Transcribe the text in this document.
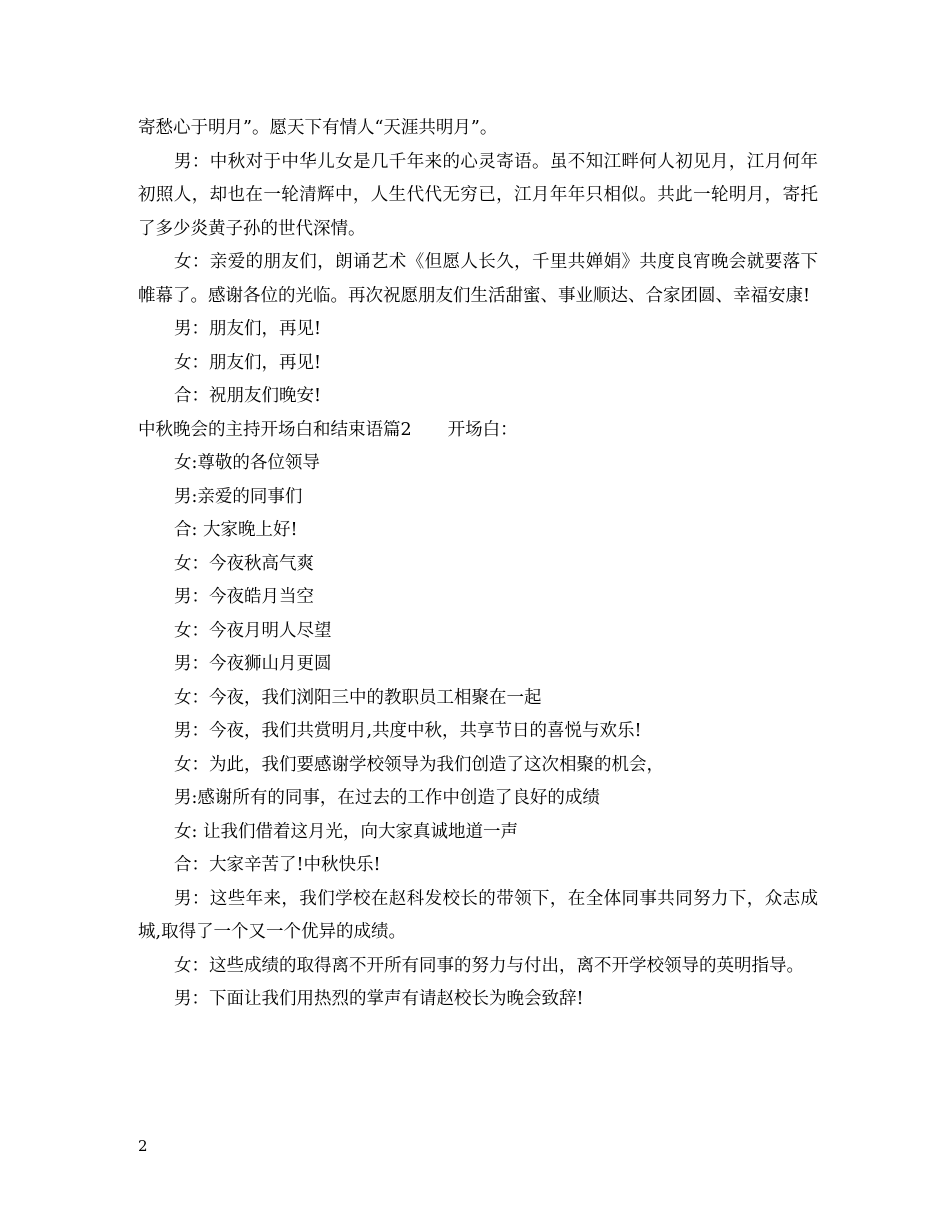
寄愁心于明月”。愿天下有情人“天涯共明月”。

男：中秋对于中华儿女是几千年来的心灵寄语。虽不知江畔何人初见月，江月何年初照人，却也在一轮清辉中，人生代代无穷已，江月年年只相似。共此一轮明月，寄托了多少炎黄子孙的世代深情。

女：亲爱的朋友们，朗诵艺术《但愿人长久，千里共婵娟》共度良宵晚会就要落下帷幕了。感谢各位的光临。再次祝愿朋友们生活甜蜜、事业顺达、合家团圆、幸福安康!

男：朋友们，再见!

女：朋友们，再见!

合：祝朋友们晚安!

中秋晚会的主持开场白和结束语篇2 开场白：

女:尊敬的各位领导

男:亲爱的同事们

合: 大家晚上好!

女：今夜秋高气爽

男：今夜皓月当空

女：今夜月明人尽望

男：今夜狮山月更圆

女：今夜，我们浏阳三中的教职员工相聚在一起

男：今夜，我们共赏明月,共度中秋，共享节日的喜悦与欢乐!

女：为此，我们要感谢学校领导为我们创造了这次相聚的机会，

男:感谢所有的同事，在过去的工作中创造了良好的成绩

女: 让我们借着这月光，向大家真诚地道一声

合：大家辛苦了!中秋快乐!

男：这些年来，我们学校在赵科发校长的带领下，在全体同事共同努力下，众志成城,取得了一个又一个优异的成绩。

女：这些成绩的取得离不开所有同事的努力与付出，离不开学校领导的英明指导。

男：下面让我们用热烈的掌声有请赵校长为晚会致辞!

2
